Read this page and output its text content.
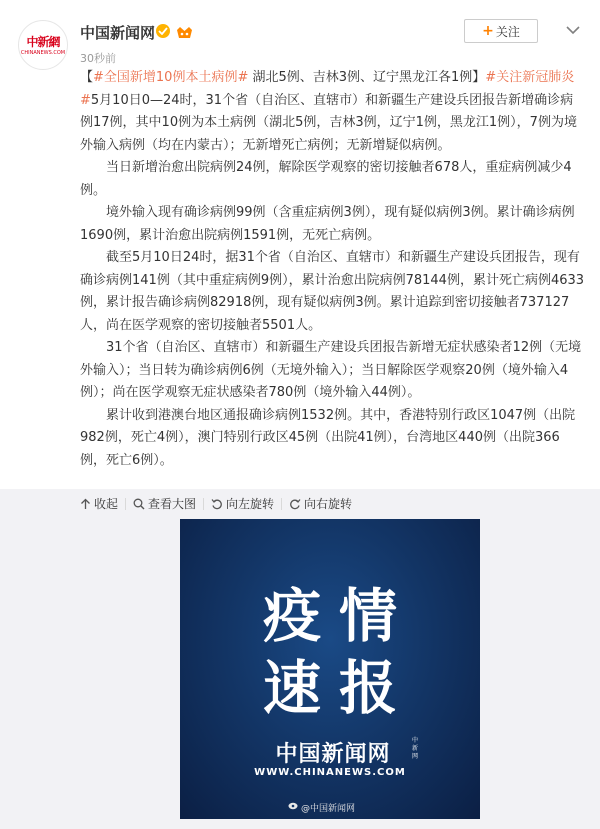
中新網
CHINANEWS.COM
中国新闻网
30秒前
+ 关注

【#全国新增10例本土病例# 湖北5例、吉林3例、辽宁黑龙江各1例】#关注新冠肺炎#5月10日0—24时，31个省（自治区、直辖市）和新疆生产建设兵团报告新增确诊病例17例，其中10例为本土病例（湖北5例，吉林3例，辽宁1例，黑龙江1例），7例为境外输入病例（均在内蒙古）；无新增死亡病例；无新增疑似病例。

当日新增治愈出院病例24例，解除医学观察的密切接触者678人，重症病例减少4例。

境外输入现有确诊病例99例（含重症病例3例），现有疑似病例3例。累计确诊病例1690例，累计治愈出院病例1591例，无死亡病例。

截至5月10日24时，据31个省（自治区、直辖市）和新疆生产建设兵团报告，现有确诊病例141例（其中重症病例9例），累计治愈出院病例78144例，累计死亡病例4633例，累计报告确诊病例82918例，现有疑似病例3例。累计追踪到密切接触者737127人，尚在医学观察的密切接触者5501人。

31个省（自治区、直辖市）和新疆生产建设兵团报告新增无症状感染者12例（无境外输入）；当日转为确诊病例6例（无境外输入）；当日解除医学观察20例（境外输入4例）；尚在医学观察无症状感染者780例（境外输入44例）。

累计收到港澳台地区通报确诊病例1532例。其中，香港特别行政区1047例（出院982例，死亡4例），澳门特别行政区45例（出院41例），台湾地区440例（出院366例，死亡6例）。

收起	查看大图	向左旋转	向右旋转
疫情
速报
中国新闻网
中新网
WWW.CHINANEWS.COM
@中国新闻网
